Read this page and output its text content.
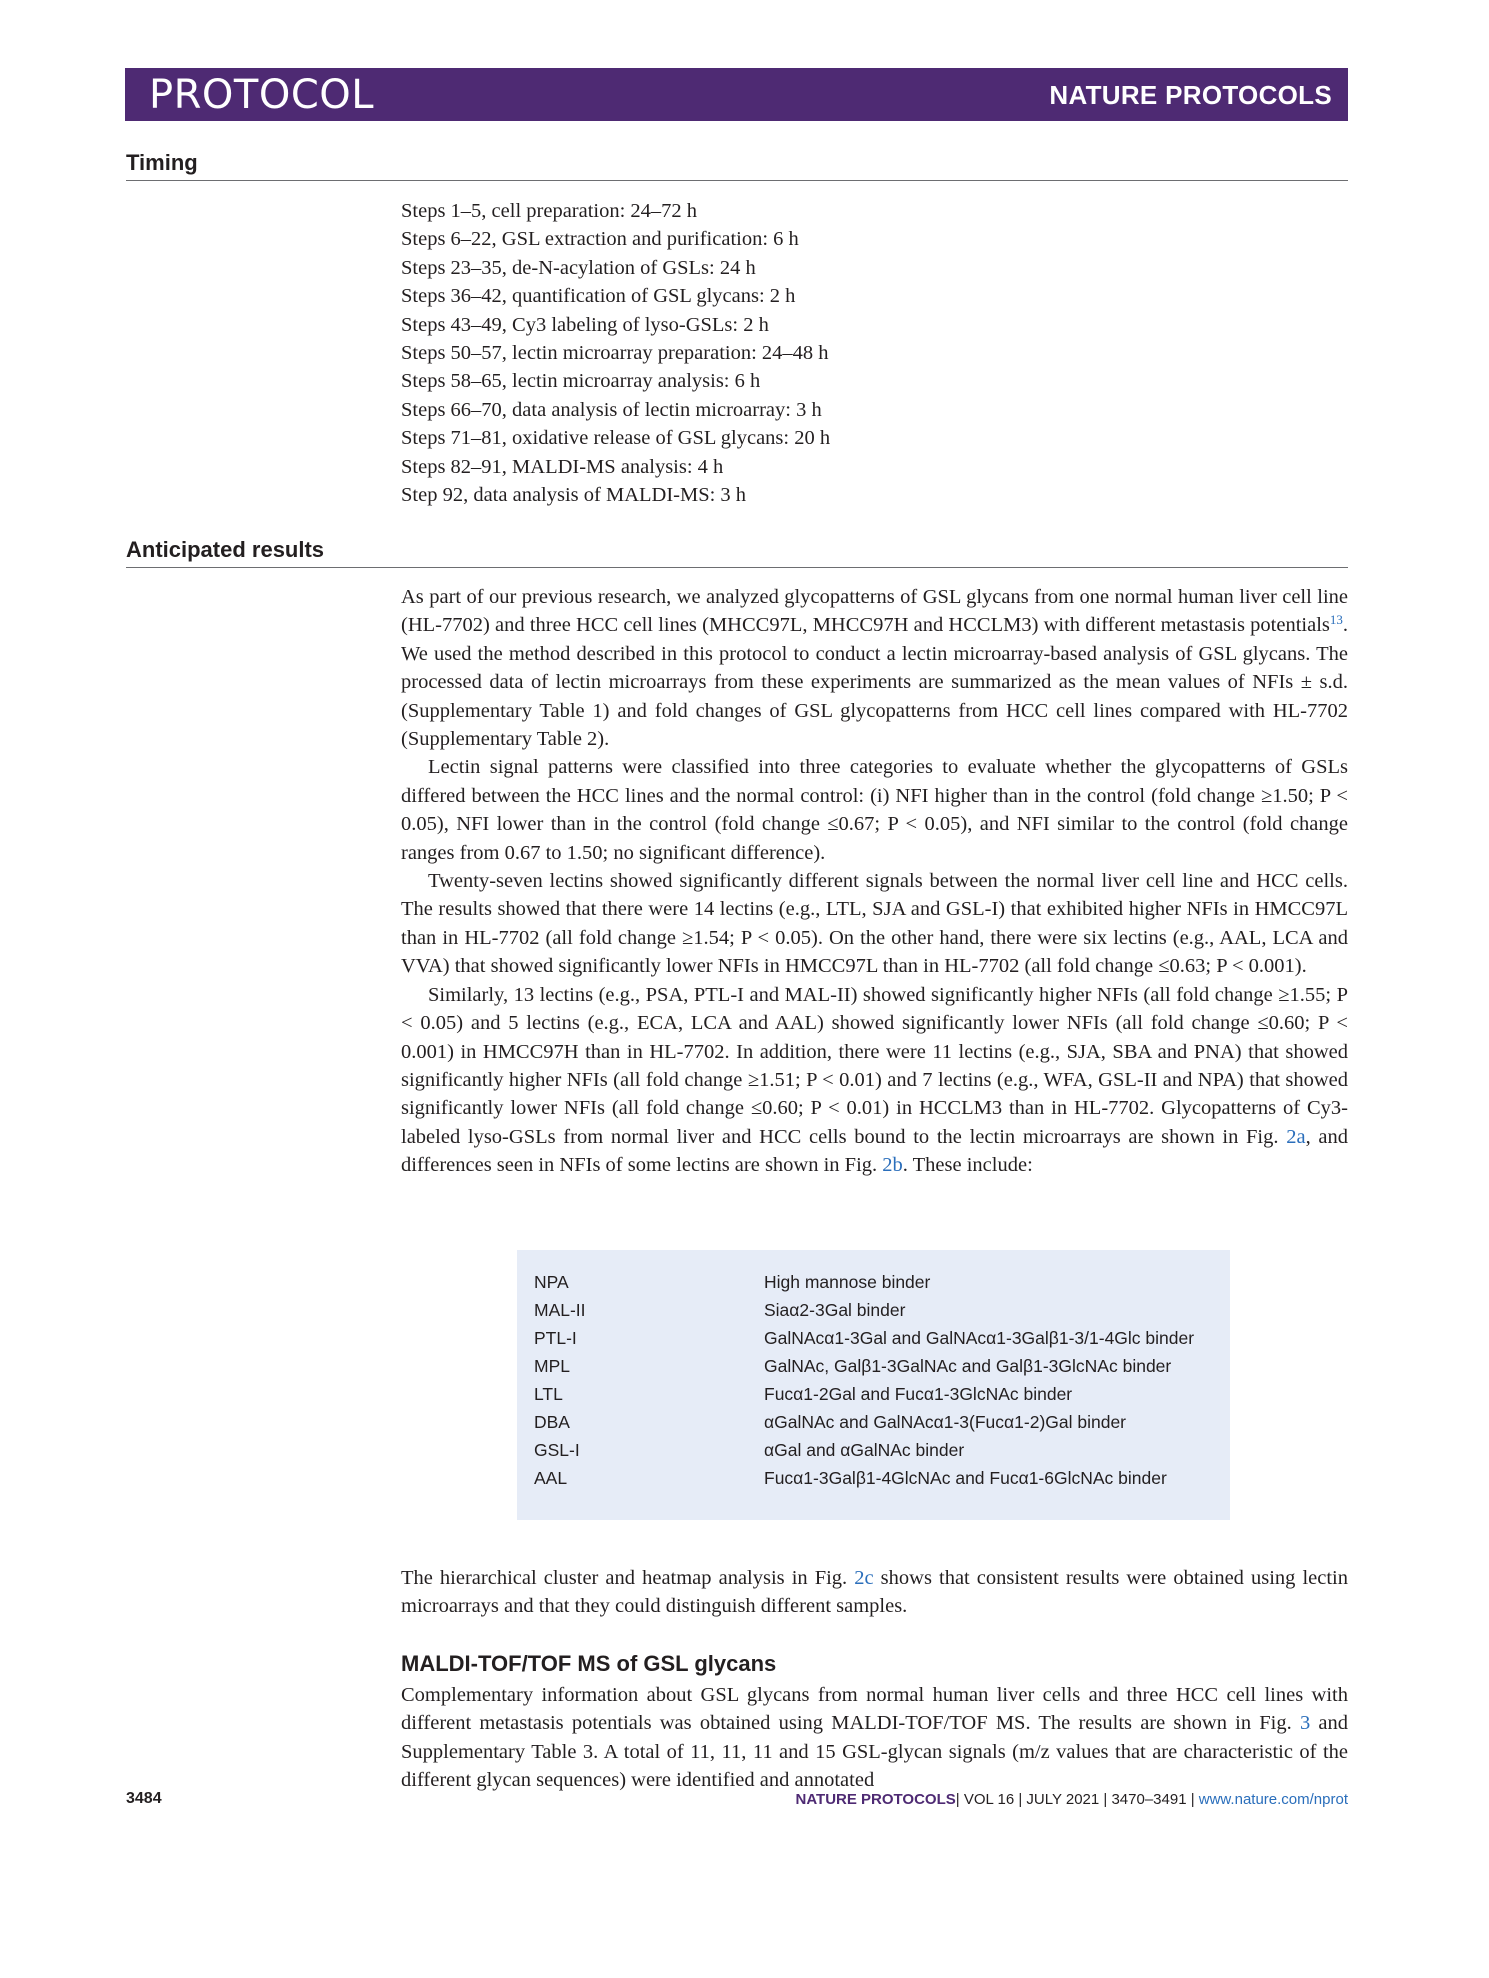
PROTOCOL	NATURE PROTOCOLS
Timing
Steps 1–5, cell preparation: 24–72 h
Steps 6–22, GSL extraction and purification: 6 h
Steps 23–35, de-N-acylation of GSLs: 24 h
Steps 36–42, quantification of GSL glycans: 2 h
Steps 43–49, Cy3 labeling of lyso-GSLs: 2 h
Steps 50–57, lectin microarray preparation: 24–48 h
Steps 58–65, lectin microarray analysis: 6 h
Steps 66–70, data analysis of lectin microarray: 3 h
Steps 71–81, oxidative release of GSL glycans: 20 h
Steps 82–91, MALDI-MS analysis: 4 h
Step 92, data analysis of MALDI-MS: 3 h
Anticipated results

As part of our previous research, we analyzed glycopatterns of GSL glycans from one normal human liver cell line (HL-7702) and three HCC cell lines (MHCC97L, MHCC97H and HCCLM3) with different metastasis potentials$^{13}$. We used the method described in this protocol to conduct a lectin microarray-based analysis of GSL glycans. The processed data of lectin microarrays from these experiments are summarized as the mean values of NFIs ± s.d. (Supplementary Table 1) and fold changes of GSL glycopatterns from HCC cell lines compared with HL-7702 (Supplementary Table 2).

Lectin signal patterns were classified into three categories to evaluate whether the glycopatterns of GSLs differed between the HCC lines and the normal control: (i) NFI higher than in the control (fold change ≥1.50; P < 0.05), NFI lower than in the control (fold change ≤0.67; P < 0.05), and NFI similar to the control (fold change ranges from 0.67 to 1.50; no significant difference).

Twenty-seven lectins showed significantly different signals between the normal liver cell line and HCC cells. The results showed that there were 14 lectins (e.g., LTL, SJA and GSL-I) that exhibited higher NFIs in HMCC97L than in HL-7702 (all fold change ≥1.54; P < 0.05). On the other hand, there were six lectins (e.g., AAL, LCA and VVA) that showed significantly lower NFIs in HMCC97L than in HL-7702 (all fold change ≤0.63; P < 0.001).

Similarly, 13 lectins (e.g., PSA, PTL-I and MAL-II) showed significantly higher NFIs (all fold change ≥1.55; P < 0.05) and 5 lectins (e.g., ECA, LCA and AAL) showed significantly lower NFIs (all fold change ≤0.60; P < 0.001) in HMCC97H than in HL-7702. In addition, there were 11 lectins (e.g., SJA, SBA and PNA) that showed significantly higher NFIs (all fold change ≥1.51; P < 0.01) and 7 lectins (e.g., WFA, GSL-II and NPA) that showed significantly lower NFIs (all fold change ≤0.60; P < 0.01) in HCCLM3 than in HL-7702. Glycopatterns of Cy3-labeled lyso-GSLs from normal liver and HCC cells bound to the lectin microarrays are shown in Fig. 2a, and differences seen in NFIs of some lectins are shown in Fig. 2b. These include:

NPA	High mannose binder
MAL-II	Siaα2-3Gal binder
PTL-I	GalNAcα1-3Gal and GalNAcα1-3Galβ1-3/1-4Glc binder
MPL	GalNAc, Galβ1-3GalNAc and Galβ1-3GlcNAc binder
LTL	Fucα1-2Gal and Fucα1-3GlcNAc binder
DBA	αGalNAc and GalNAcα1-3(Fucα1-2)Gal binder
GSL-I	αGal and αGalNAc binder
AAL	Fucα1-3Galβ1-4GlcNAc and Fucα1-6GlcNAc binder

The hierarchical cluster and heatmap analysis in Fig. 2c shows that consistent results were obtained using lectin microarrays and that they could distinguish different samples.

MALDI-TOF/TOF MS of GSL glycans

Complementary information about GSL glycans from normal human liver cells and three HCC cell lines with different metastasis potentials was obtained using MALDI-TOF/TOF MS. The results are shown in Fig. 3 and Supplementary Table 3. A total of 11, 11, 11 and 15 GSL-glycan signals (m/z values that are characteristic of the different glycan sequences) were identified and annotated

3484	NATURE PROTOCOLS| VOL 16 | JULY 2021 | 3470–3491 | www.nature.com/nprot
